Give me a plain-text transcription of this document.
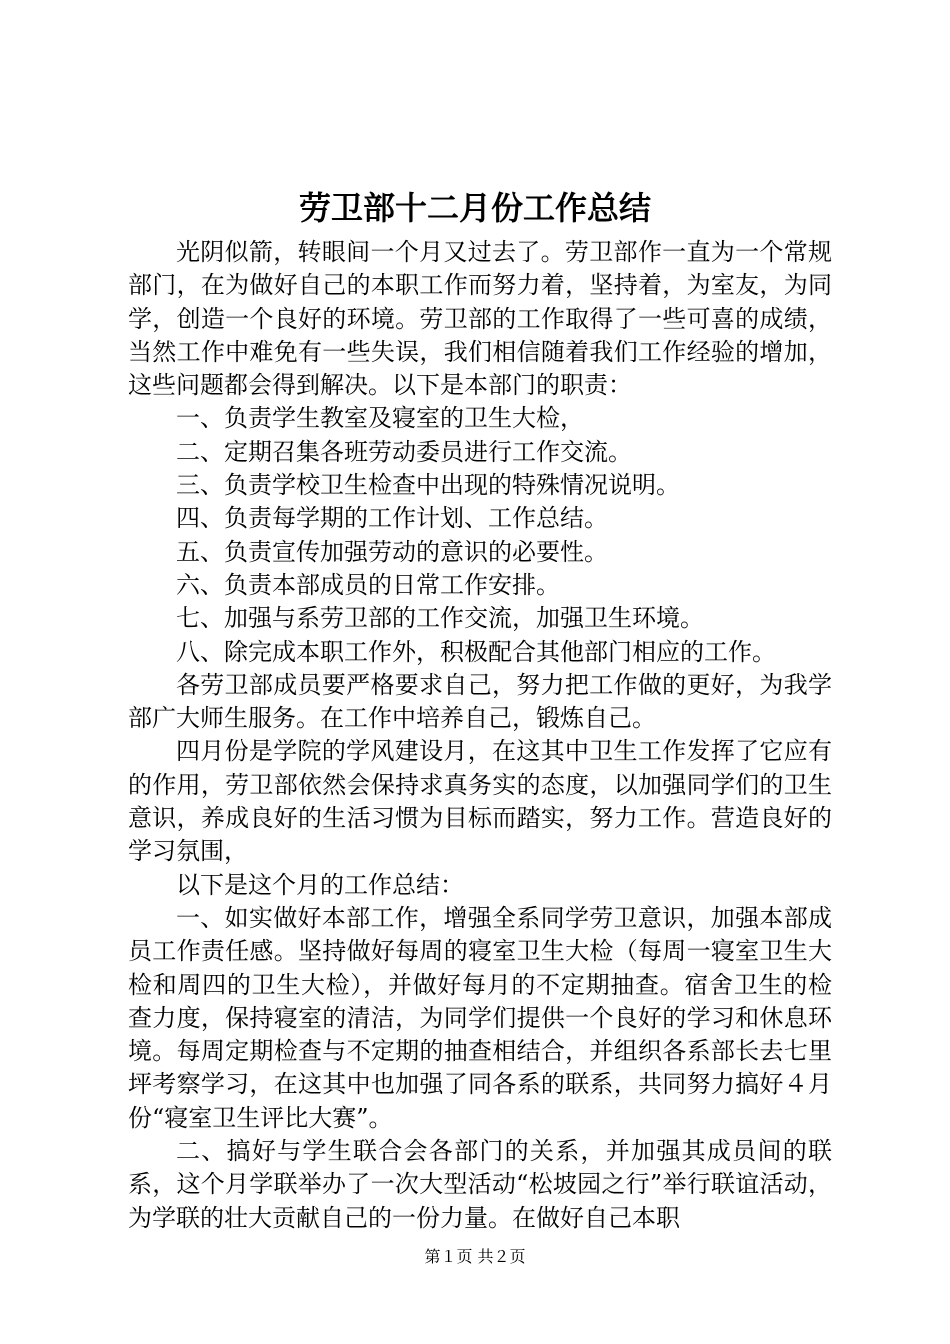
劳卫部十二月份工作总结

光阴似箭，转眼间一个月又过去了。劳卫部作一直为一个常规部门，在为做好自己的本职工作而努力着，坚持着，为室友，为同学，创造一个良好的环境。劳卫部的工作取得了一些可喜的成绩，当然工作中难免有一些失误，我们相信随着我们工作经验的增加，这些问题都会得到解决。以下是本部门的职责：

一、负责学生教室及寝室的卫生大检，

二、定期召集各班劳动委员进行工作交流。

三、负责学校卫生检查中出现的特殊情况说明。

四、负责每学期的工作计划、工作总结。

五、负责宣传加强劳动的意识的必要性。

六、负责本部成员的日常工作安排。

七、加强与系劳卫部的工作交流，加强卫生环境。

八、除完成本职工作外，积极配合其他部门相应的工作。

各劳卫部成员要严格要求自己，努力把工作做的更好，为我学部广大师生服务。在工作中培养自己，锻炼自己。

四月份是学院的学风建设月，在这其中卫生工作发挥了它应有的作用，劳卫部依然会保持求真务实的态度，以加强同学们的卫生意识，养成良好的生活习惯为目标而踏实，努力工作。营造良好的学习氛围，

以下是这个月的工作总结：

一、如实做好本部工作，增强全系同学劳卫意识，加强本部成员工作责任感。坚持做好每周的寝室卫生大检（每周一寝室卫生大检和周四的卫生大检），并做好每月的不定期抽查。宿舍卫生的检查力度，保持寝室的清洁，为同学们提供一个良好的学习和休息环境。每周定期检查与不定期的抽查相结合，并组织各系部长去七里坪考察学习，在这其中也加强了同各系的联系，共同努力搞好４月份“寝室卫生评比大赛”。

二、搞好与学生联合会各部门的关系，并加强其成员间的联系，这个月学联举办了一次大型活动“松坡园之行”举行联谊活动，为学联的壮大贡献自己的一份力量。在做好自己本职

第１页 共２页
